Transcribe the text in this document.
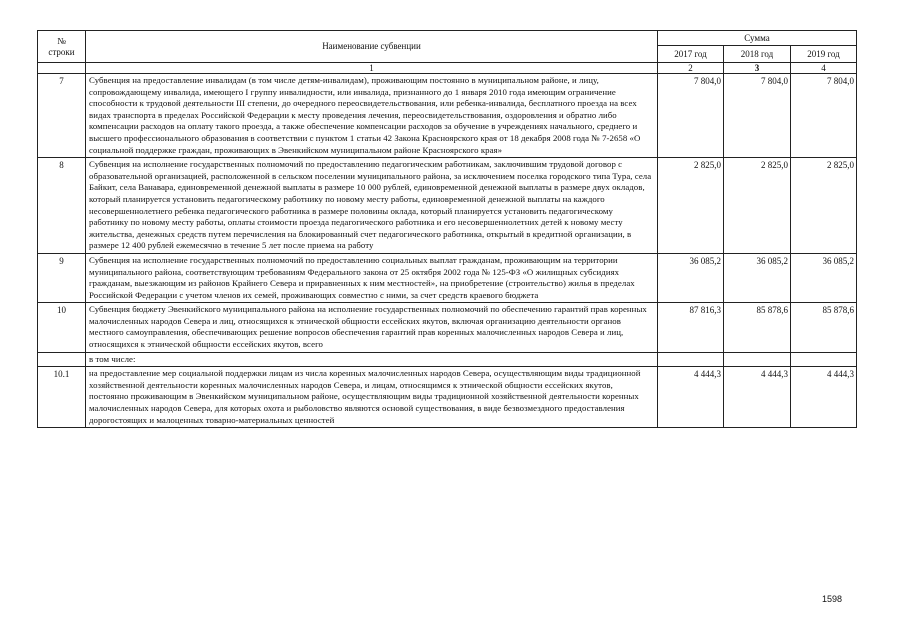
№
строки	Наименование субвенции	Сумма		
		2017 год	2018 год	2019 год
	1	2	3	4
7	Субвенция на предоставление инвалидам (в том числе детям-инвалидам), проживающим постоянно в муниципальном районе, и лицу, сопровождающему инвалида, имеющего I группу инвалидности, или инвалида, признанного до 1 января 2010 года имеющим ограничение способности к трудовой деятельности III степени, до очередного переосвидетельствования, или ребенка-инвалида, бесплатного проезда на всех видах транспорта в пределах Российской Федерации к месту проведения лечения, переосвидетельствования, оздоровления и обратно либо компенсации расходов на оплату такого проезда, а также обеспечение компенсации расходов за обучение в учреждениях начального, среднего и высшего профессионального образования в соответствии с пунктом 1 статьи 42 Закона Красноярского края от 18 декабря 2008 года № 7-2658 «О социальной поддержке граждан, проживающих в Эвенкийском муниципальном районе Красноярского края»	7 804,0	7 804,0	7 804,0
8	Субвенция на исполнение государственных полномочий по предоставлению педагогическим работникам, заключившим трудовой договор с образовательной организацией, расположенной в сельском поселении муниципального района, за исключением поселка городского типа Тура, села Байкит, села Ванавара, единовременной денежной выплаты в размере 10 000 рублей, единовременной денежной выплаты в размере двух окладов, который планируется установить педагогическому работнику по новому месту работы, единовременной денежной выплаты на каждого несовершеннолетнего ребенка педагогического работника в размере половины оклада, который планируется установить педагогическому работнику по новому месту работы, оплаты стоимости проезда педагогического работника и его несовершеннолетних детей к новому месту жительства, денежных средств путем перечисления на блокированный счет педагогического работника, открытый в кредитной организации, в размере 12 400 рублей ежемесячно в течение 5 лет после приема на работу	2 825,0	2 825,0	2 825,0
9	Субвенция на исполнение государственных полномочий по предоставлению социальных выплат гражданам, проживающим на территории муниципального района, соответствующим требованиям Федерального закона от 25 октября 2002 года № 125-ФЗ «О жилищных субсидиях гражданам, выезжающим из районов Крайнего Севера и приравненных к ним местностей», на приобретение (строительство) жилья в пределах Российской Федерации с учетом членов их семей, проживающих совместно с ними, за счет средств краевого бюджета	36 085,2	36 085,2	36 085,2
10	Субвенция бюджету Эвенкийского муниципального района на исполнение государственных полномочий по обеспечению гарантий прав коренных малочисленных народов Севера и лиц, относящихся к этнической общности ессейских якутов, включая организацию деятельности органов местного самоуправления, обеспечивающих решение вопросов обеспечения гарантий прав коренных малочисленных народов Севера и лиц, относящихся к этнической общности ессейских якутов, всего	87 816,3	85 878,6	85 878,6
	в том числе:			
10.1	на предоставление мер социальной поддержки лицам из числа коренных малочисленных народов Севера, осуществляющим виды традиционной хозяйственной деятельности коренных малочисленных народов Севера, и лицам, относящимся к этнической общности ессейских якутов, постоянно проживающим в Эвенкийском муниципальном районе, осуществляющим виды традиционной хозяйственной деятельности коренных малочисленных народов Севера, для которых охота и рыболовство являются основой существования, в виде безвозмездного предоставления дорогостоящих и малоценных товарно-материальных ценностей	4 444,3	4 444,3	4 444,3
1598
